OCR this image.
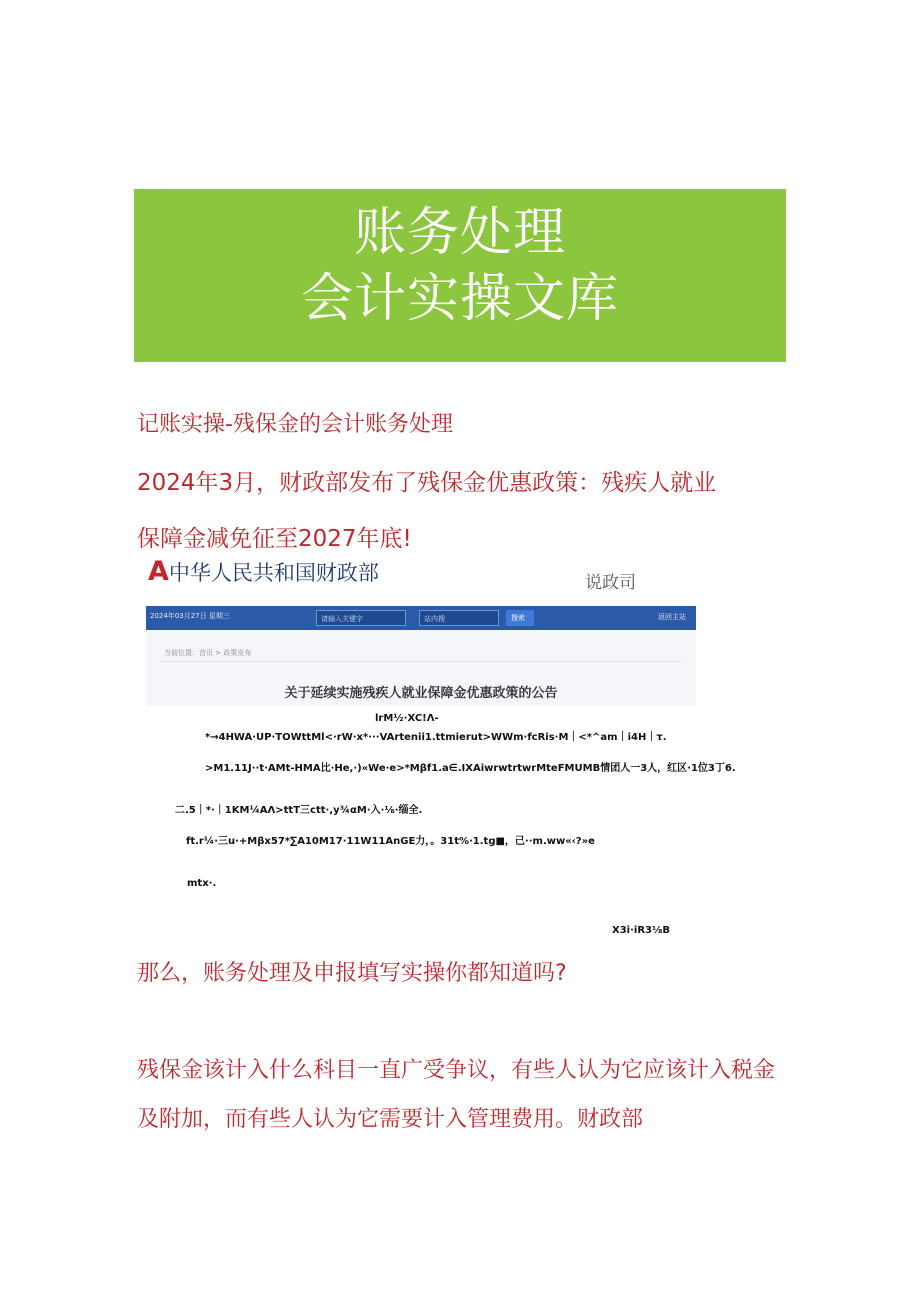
账务处理
会计实操文库
记账实操-残保金的会计账务处理
2024年3月，财政部发布了残保金优惠政策：残疾人就业
保障金减免征至2027年底!
A中华人民共和国财政部	说政司
2024年03月27日 星期三	请输入关键字	站内搜	搜索	返回主站
当前位置：首页 > 政策发布
关于延续实施残疾人就业保障金优惠政策的公告
lrM½·XC!Λ-
*→4HWA·UP·TOWttMl<·rW·x*···VArtenii1.ttmierut>WWm·fcRis·M｜<*^am｜i4H｜τ.
>M1.11J··t·AMt-HMA比·He,·)«We·e>*Mβf1.a∈.IXAiwrwtrtwrMteFMUMB情团人一3人，红区·1位3丁6.
二.5｜*·｜1KM¼AΛ>ttT三ctt·,y¾αM·入·⅛·缁全.
ft.r¼·三u·+Mβx57*∑A10M17·11W11AnGE力，。31t%·1.tg■，己··m.ww«‹?»e
mtx·.
X3i·iR3⅛B
那么，账务处理及申报填写实操你都知道吗?
残保金该计入什么科目一直广受争议，有些人认为它应该计入税金
及附加，而有些人认为它需要计入管理费用。财政部
